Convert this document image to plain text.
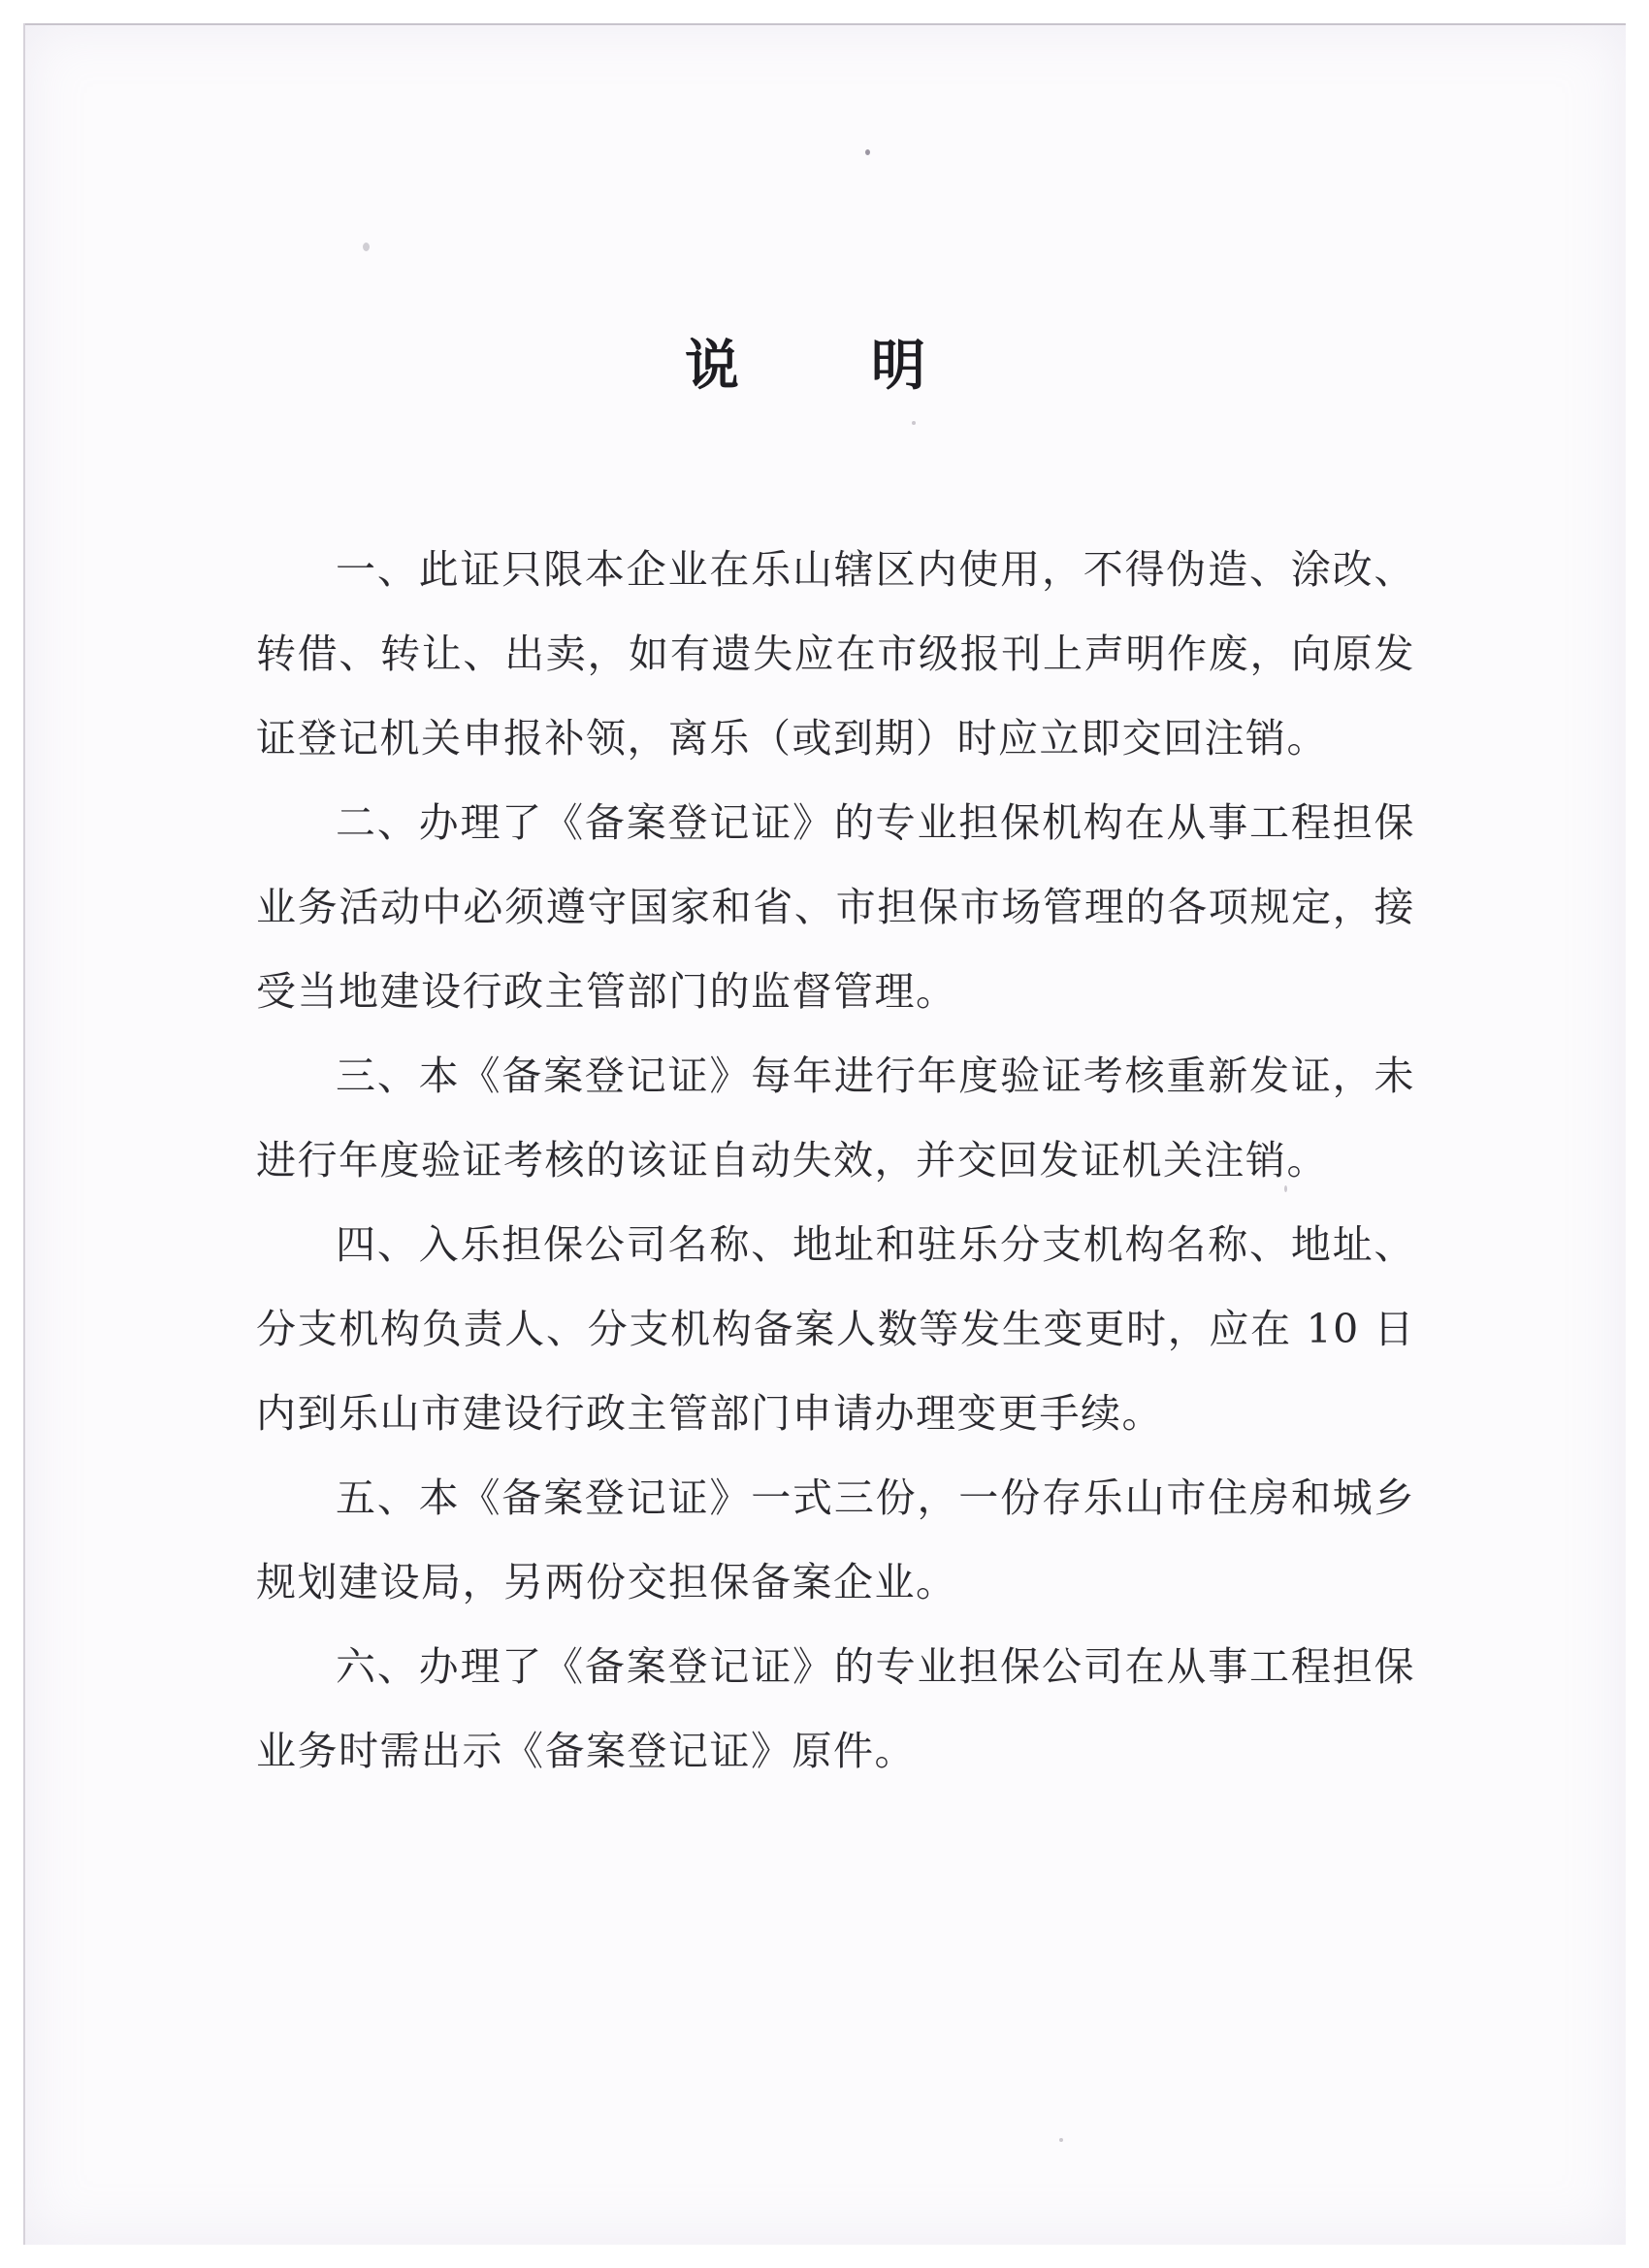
说　明

一、此证只限本企业在乐山辖区内使用，不得伪造、涂改、转借、转让、出卖，如有遗失应在市级报刊上声明作废，向原发证登记机关申报补领，离乐（或到期）时应立即交回注销。

二、办理了《备案登记证》的专业担保机构在从事工程担保业务活动中必须遵守国家和省、市担保市场管理的各项规定，接受当地建设行政主管部门的监督管理。

三、本《备案登记证》每年进行年度验证考核重新发证，未进行年度验证考核的该证自动失效，并交回发证机关注销。

四、入乐担保公司名称、地址和驻乐分支机构名称、地址、分支机构负责人、分支机构备案人数等发生变更时，应在 10 日内到乐山市建设行政主管部门申请办理变更手续。

五、本《备案登记证》一式三份，一份存乐山市住房和城乡规划建设局，另两份交担保备案企业。

六、办理了《备案登记证》的专业担保公司在从事工程担保业务时需出示《备案登记证》原件。
